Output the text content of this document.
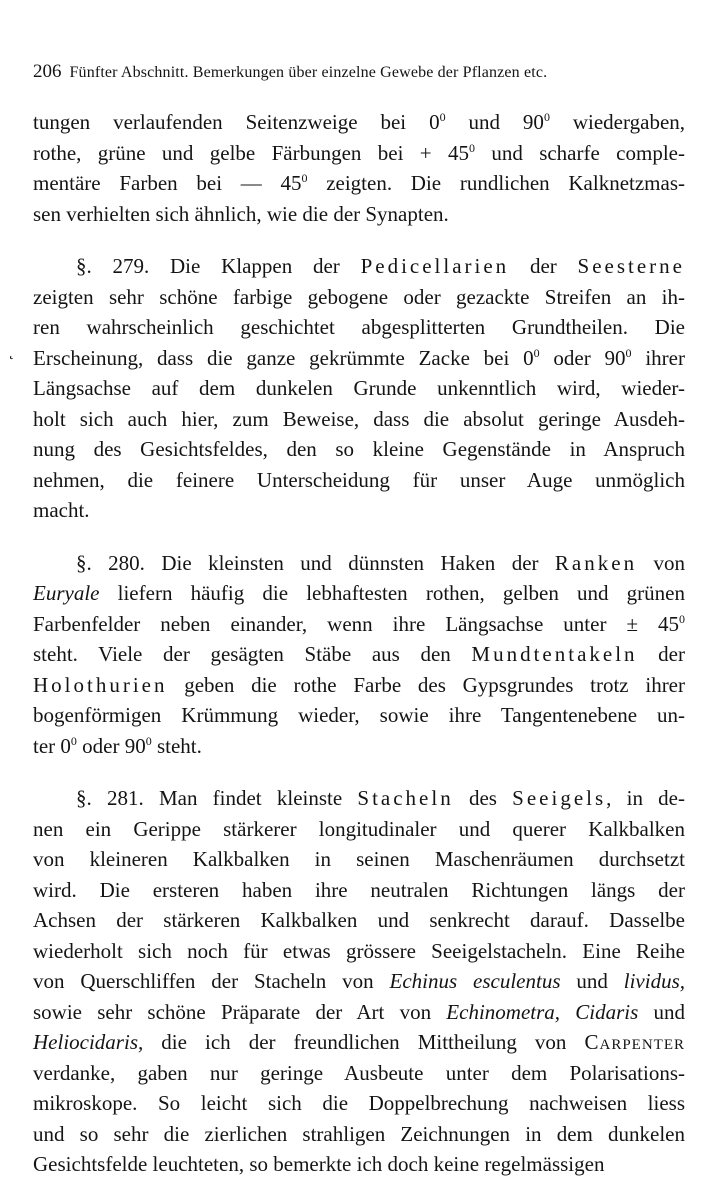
206 Fünfter Abschnitt. Bemerkungen über einzelne Gewebe der Pflanzen etc.
˛
tungen verlaufenden Seitenzweige bei $0^0$ und $90^0$ wiedergaben,
rothe, grüne und gelbe Färbungen bei + $45^0$ und scharfe comple-
mentäre Farben bei — $45^0$ zeigten. Die rundlichen Kalknetzmas-
sen verhielten sich ähnlich, wie die der Synapten.
§. 279. Die Klappen der Pedicellarien der Seesterne
zeigten sehr schöne farbige gebogene oder gezackte Streifen an ih-
ren wahrscheinlich geschichtet abgesplitterten Grundtheilen. Die
Erscheinung, dass die ganze gekrümmte Zacke bei $0^0$ oder $90^0$ ihrer
Längsachse auf dem dunkelen Grunde unkenntlich wird, wieder-
holt sich auch hier, zum Beweise, dass die absolut geringe Ausdeh-
nung des Gesichtsfeldes, den so kleine Gegenstände in Anspruch
nehmen, die feinere Unterscheidung für unser Auge unmöglich
macht.
§. 280. Die kleinsten und dünnsten Haken der Ranken von
Euryale liefern häufig die lebhaftesten rothen, gelben und grünen
Farbenfelder neben einander, wenn ihre Längsachse unter ± $45^0$
steht. Viele der gesägten Stäbe aus den Mundtentakeln der
Holothurien geben die rothe Farbe des Gypsgrundes trotz ihrer
bogenförmigen Krümmung wieder, sowie ihre Tangentenebene un-
ter $0^0$ oder $90^0$ steht.
§. 281. Man findet kleinste Stacheln des Seeigels, in de-
nen ein Gerippe stärkerer longitudinaler und querer Kalkbalken
von kleineren Kalkbalken in seinen Maschenräumen durchsetzt
wird. Die ersteren haben ihre neutralen Richtungen längs der
Achsen der stärkeren Kalkbalken und senkrecht darauf. Dasselbe
wiederholt sich noch für etwas grössere Seeigelstacheln. Eine Reihe
von Querschliffen der Stacheln von Echinus esculentus und lividus,
sowie sehr schöne Präparate der Art von Echinometra, Cidaris und
Heliocidaris, die ich der freundlichen Mittheilung von Carpenter
verdanke, gaben nur geringe Ausbeute unter dem Polarisations-
mikroskope. So leicht sich die Doppelbrechung nachweisen liess
und so sehr die zierlichen strahligen Zeichnungen in dem dunkelen
Gesichtsfelde leuchteten, so bemerkte ich doch keine regelmässigen
